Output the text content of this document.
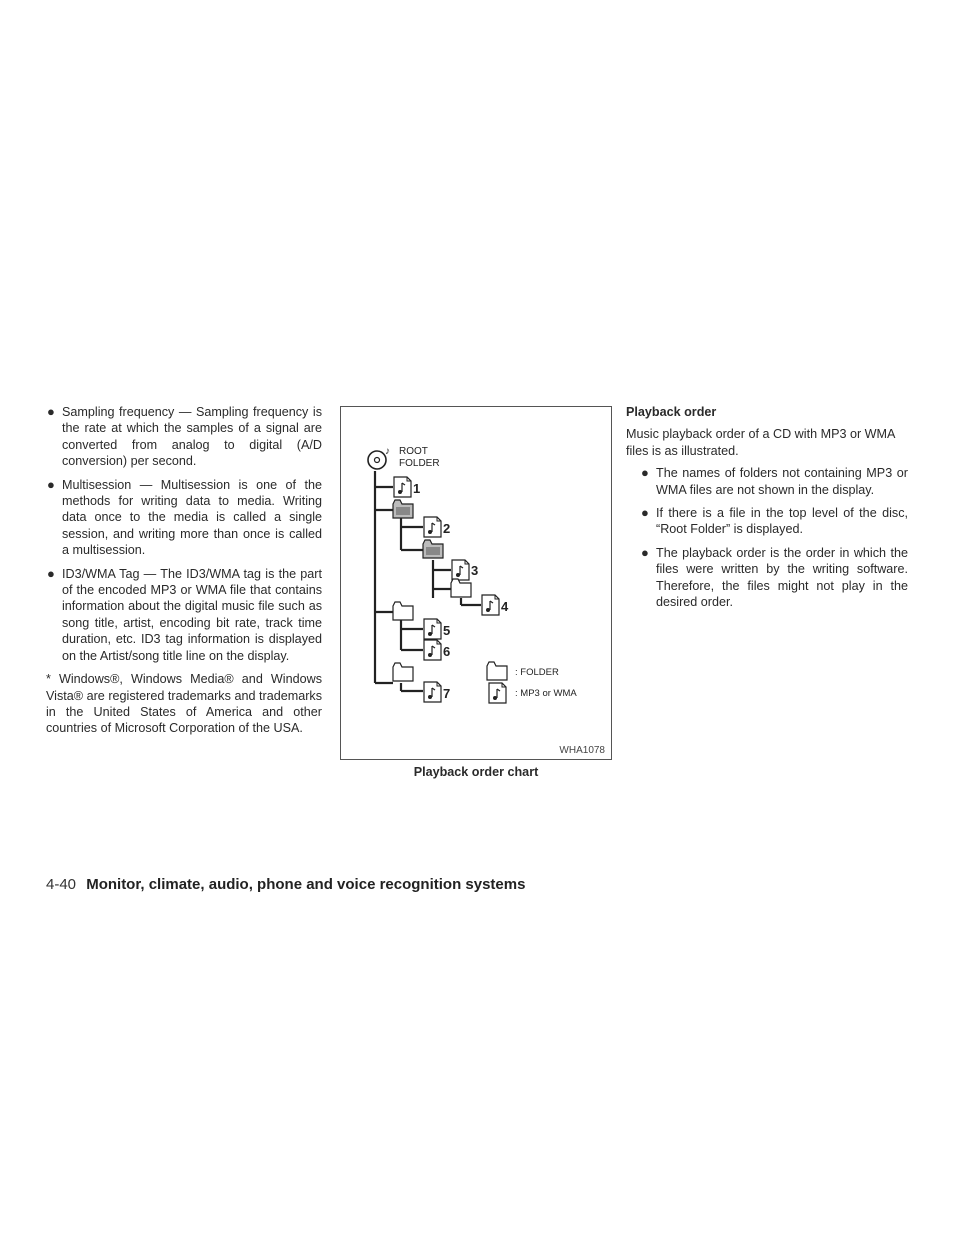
● Sampling frequency — Sampling frequency is the rate at which the samples of a signal are converted from analog to digital (A/D conversion) per second.
● Multisession — Multisession is one of the methods for writing data to media. Writing data once to the media is called a single session, and writing more than once is called a multisession.
● ID3/WMA Tag — The ID3/WMA tag is the part of the encoded MP3 or WMA file that contains information about the digital music file such as song title, artist, encoding bit rate, track time duration, etc. ID3 tag information is displayed on the Artist/song title line on the display.
* Windows®, Windows Media® and Windows Vista® are registered trademarks and trademarks in the United States of America and other countries of Microsoft Corporation of the USA.
♪ ROOT
FOLDER
1
2
3
4
5
6
7
: FOLDER
: MP3 or WMA
WHA1078
Playback order chart
Playback order
Music playback order of a CD with MP3 or WMA files is as illustrated.
● The names of folders not containing MP3 or WMA files are not shown in the display.
● If there is a file in the top level of the disc, “Root Folder” is displayed.
● The playback order is the order in which the files were written by the writing software. Therefore, the files might not play in the desired order.
4-40 Monitor, climate, audio, phone and voice recognition systems
